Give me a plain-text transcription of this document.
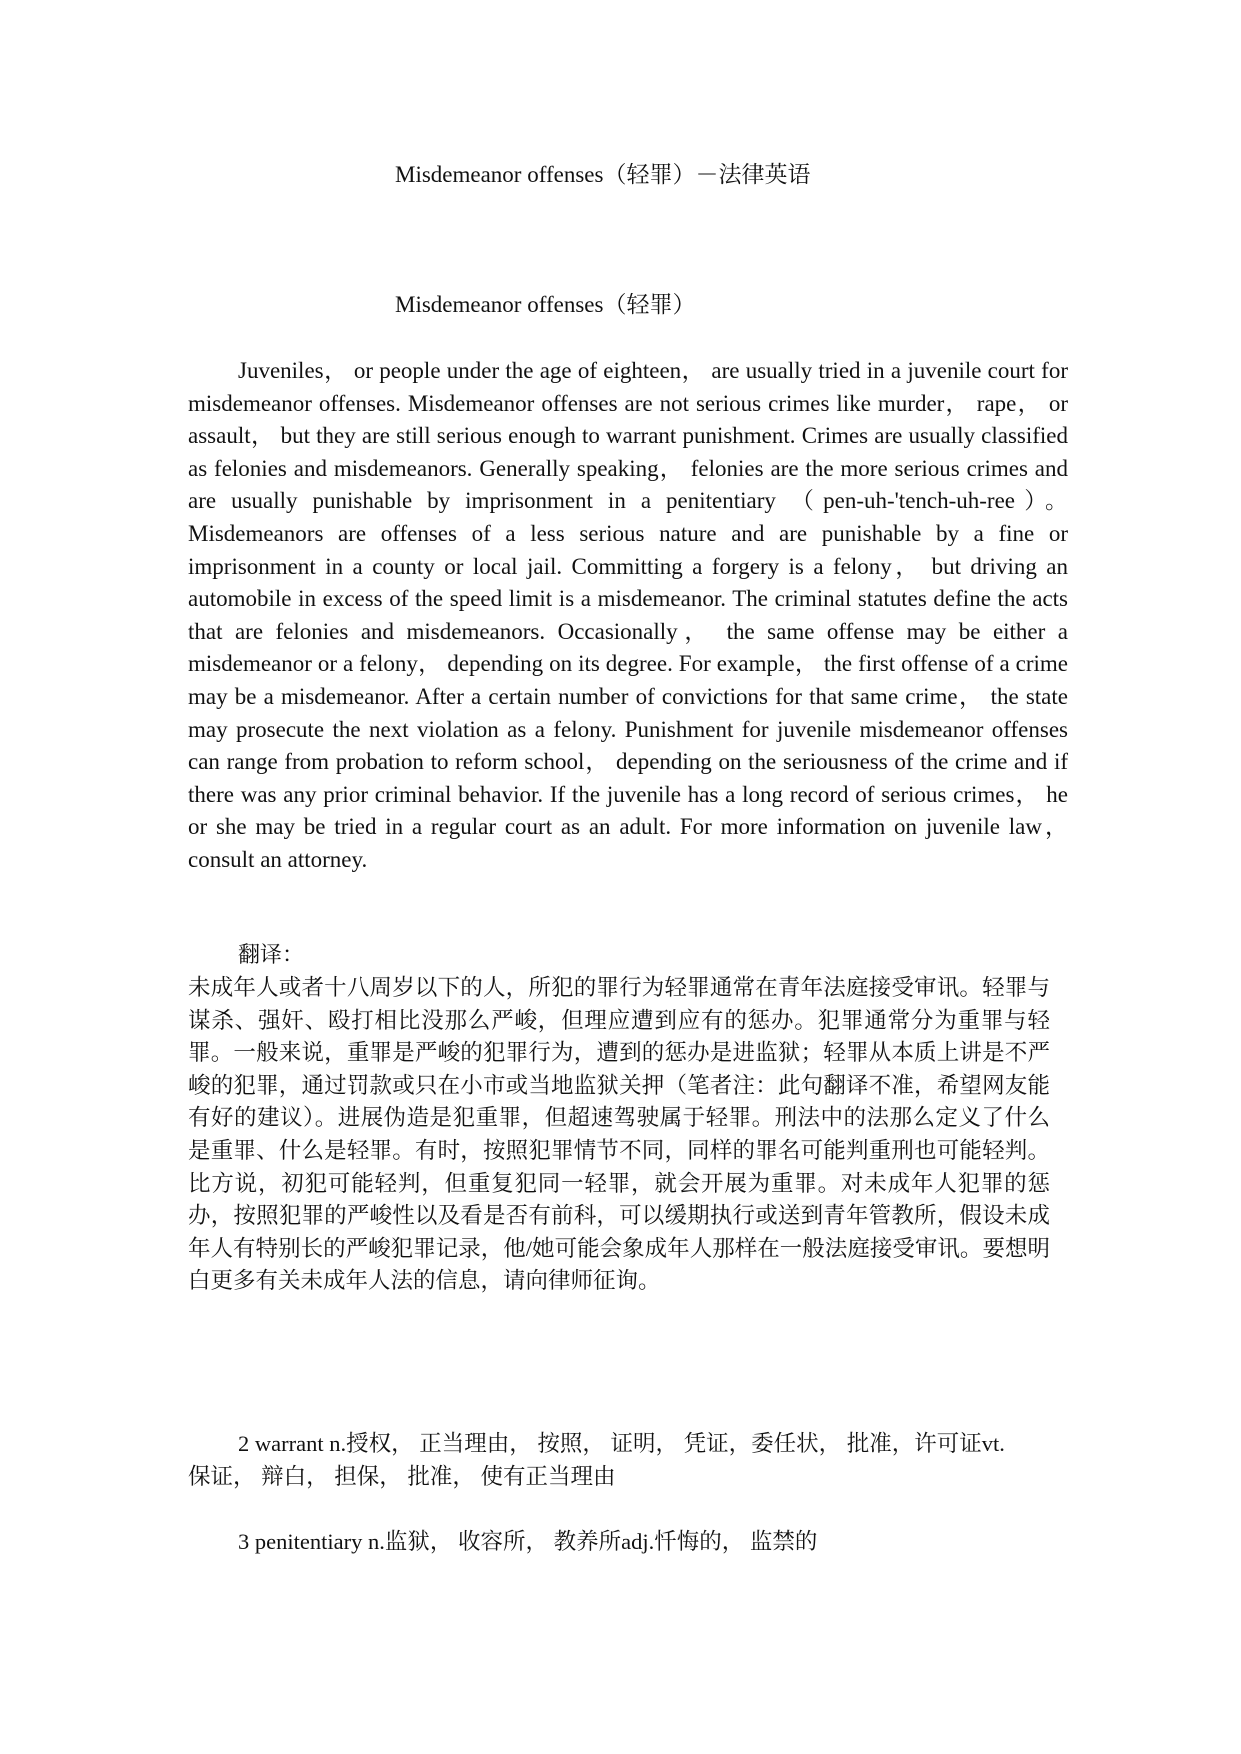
Misdemeanor offenses（轻罪）－法律英语
Misdemeanor offenses（轻罪）

Juveniles， or people under the age of eighteen， are usually tried in a juvenile court for misdemeanor offenses. Misdemeanor offenses are not serious crimes like murder， rape， or assault， but they are still serious enough to warrant punishment. Crimes are usually classified as felonies and misdemeanors. Generally speaking， felonies are the more serious crimes and are usually punishable by imprisonment in a penitentiary （pen-uh-'tench-uh-ree）。 Misdemeanors are offenses of a less serious nature and are punishable by a fine or imprisonment in a county or local jail. Committing a forgery is a felony， but driving an automobile in excess of the speed limit is a misdemeanor. The criminal statutes define the acts that are felonies and misdemeanors. Occasionally， the same offense may be either a misdemeanor or a felony， depending on its degree. For example， the first offense of a crime may be a misdemeanor. After a certain number of convictions for that same crime， the state may prosecute the next violation as a felony. Punishment for juvenile misdemeanor offenses can range from probation to reform school， depending on the seriousness of the crime and if there was any prior criminal behavior. If the juvenile has a long record of serious crimes， he or she may be tried in a regular court as an adult. For more information on juvenile law， consult an attorney.

翻译：

未成年人或者十八周岁以下的人，所犯的罪行为轻罪通常在青年法庭接受审讯。轻罪与谋杀、强奸、殴打相比没那么严峻，但理应遭到应有的惩办。犯罪通常分为重罪与轻罪。一般来说，重罪是严峻的犯罪行为，遭到的惩办是进监狱；轻罪从本质上讲是不严峻的犯罪，通过罚款或只在小市或当地监狱关押（笔者注：此句翻译不准，希望网友能有好的建议）。进展伪造是犯重罪，但超速驾驶属于轻罪。刑法中的法那么定义了什么是重罪、什么是轻罪。有时，按照犯罪情节不同，同样的罪名可能判重刑也可能轻判。比方说，初犯可能轻判，但重复犯同一轻罪，就会开展为重罪。对未成年人犯罪的惩办，按照犯罪的严峻性以及看是否有前科，可以缓期执行或送到青年管教所，假设未成年人有特别长的严峻犯罪记录，他/她可能会象成年人那样在一般法庭接受审讯。要想明白更多有关未成年人法的信息，请向律师征询。

2 warrant n.授权， 正当理由， 按照， 证明， 凭证，委任状， 批准，许可证vt.保证， 辩白， 担保， 批准， 使有正当理由

3 penitentiary n.监狱， 收容所， 教养所adj.忏悔的， 监禁的
